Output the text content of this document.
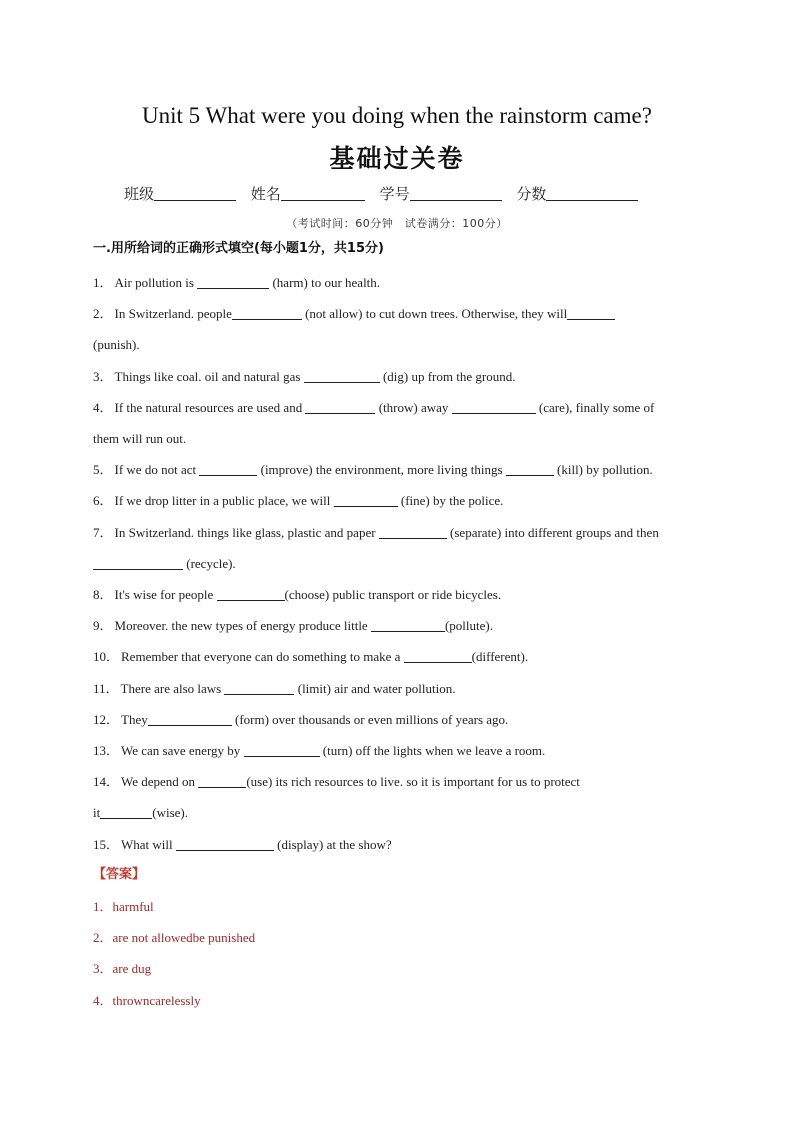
Unit 5 What were you doing when the rainstorm came?
基础过关卷
班级	姓名	学号	分数
（考试时间：60分钟　试卷满分：100分）
一.用所给词的正确形式填空(每小题1分，共15分)
1． Air pollution is	(harm) to our health.
2． In Switzerland. people	(not allow) to cut down trees. Otherwise, they will
(punish).
3． Things like coal. oil and natural gas	(dig) up from the ground.
4． If the natural resources are used and	(throw) away	(care), finally some of
them will run out.
5． If we do not act	(improve) the environment, more living things	(kill) by pollution.
6． If we drop litter in a public place, we will	(fine) by the police.
7． In Switzerland. things like glass, plastic and paper	(separate) into different groups and then
(recycle).
8． It's wise for people	(choose) public transport or ride bicycles.
9． Moreover. the new types of energy produce little	(pollute).
10． Remember that everyone can do something to make a	(different).
11． There are also laws	(limit) air and water pollution.
12． They	(form) over thousands or even millions of years ago.
13． We can save energy by	(turn) off the lights when we leave a room.
14． We depend on	(use) its rich resources to live. so it is important for us to protect
it	(wise).
15． What will	(display) at the show?
【答案】
1．harmful
2．are not allowedbe punished
3．are dug
4．throwncarelessly
